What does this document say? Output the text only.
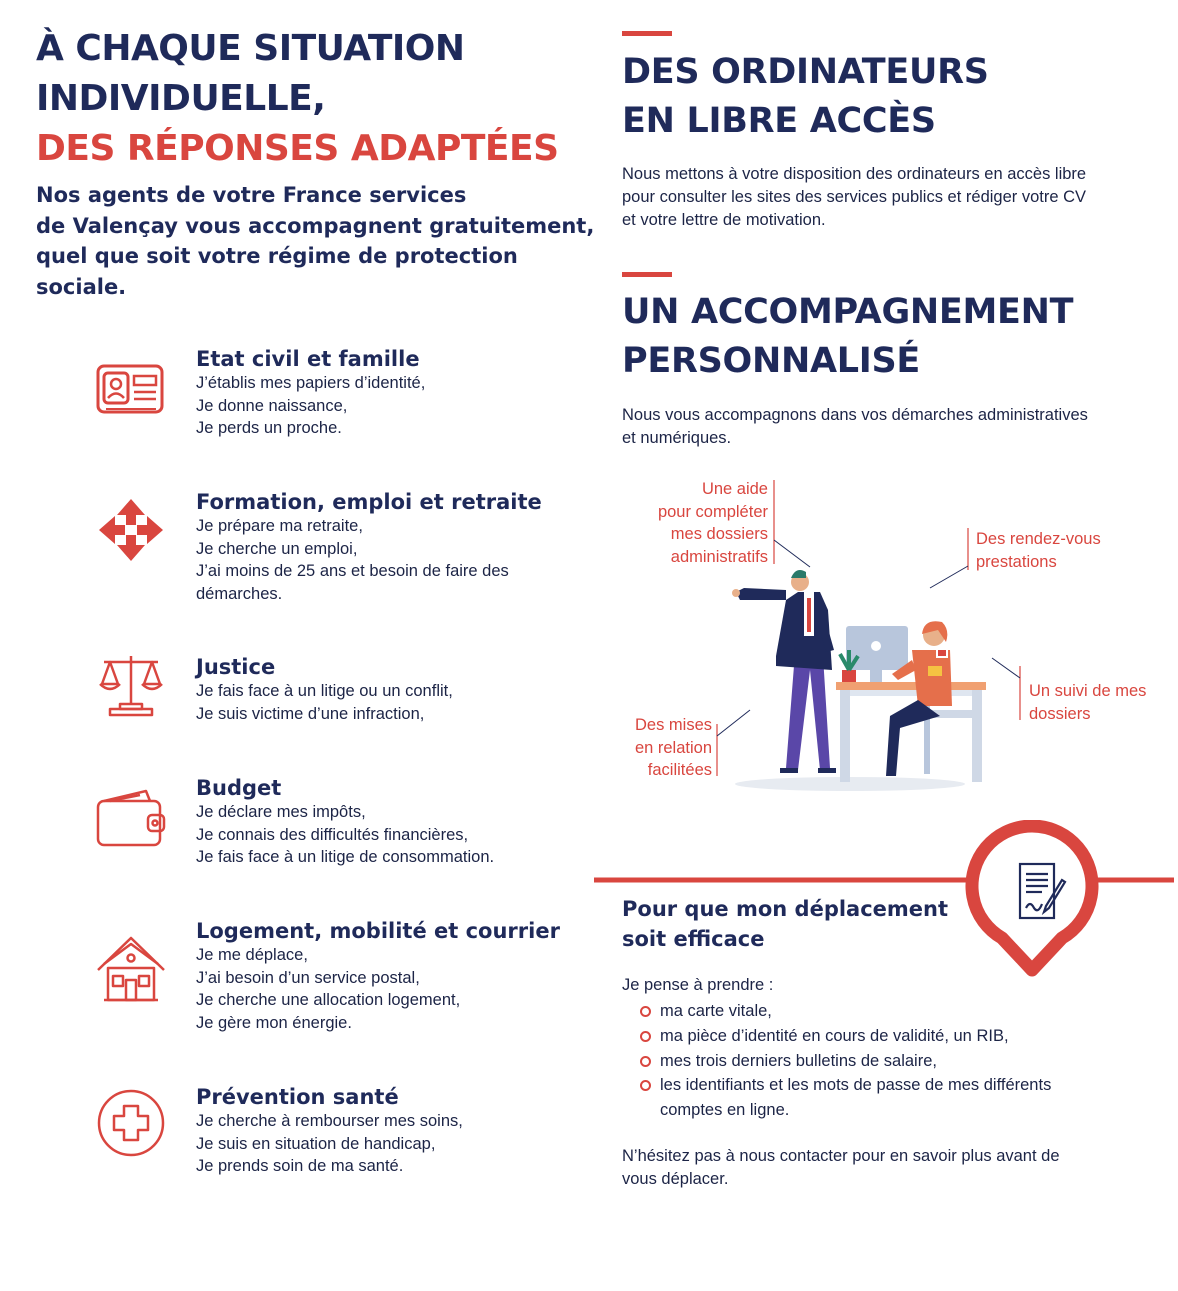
À CHAQUE SITUATION
INDIVIDUELLE,
DES RÉPONSES ADAPTÉES

Nos agents de votre France services
de Valençay vous accompagnent gratuitement,
quel que soit votre régime de protection
sociale.

Etat civil et famille
J’établis mes papiers d’identité,
Je donne naissance,
Je perds un proche.
Formation, emploi et retraite
Je prépare ma retraite,
Je cherche un emploi,
J’ai moins de 25 ans et besoin de faire des
démarches.
Justice
Je fais face à un litige ou un conflit,
Je suis victime d’une infraction,
Budget
Je déclare mes impôts,
Je connais des difficultés financières,
Je fais face à un litige de consommation.
Logement, mobilité et courrier
Je me déplace,
J’ai besoin d’un service postal,
Je cherche une allocation logement,
Je gère mon énergie.
Prévention santé
Je cherche à rembourser mes soins,
Je suis en situation de handicap,
Je prends soin de ma santé.
DES ORDINATEURS
EN LIBRE ACCÈS

Nous mettons à votre disposition des ordinateurs en accès libre
pour consulter les sites des services publics et rédiger votre CV
et votre lettre de motivation.

UN ACCOMPAGNEMENT
PERSONNALISÉ

Nous vous accompagnons dans vos démarches administratives
et numériques.

Une aide
pour compléter
mes dossiers
administratifs
Des rendez-vous
prestations
Un suivi de mes
dossiers
Des mises
en relation
facilitées
Pour que mon déplacement
soit efficace
Je pense à prendre :
ma carte vitale,
ma pièce d’identité en cours de validité, un RIB,
mes trois derniers bulletins de salaire,
les identifiants et les mots de passe de mes différents
comptes en ligne.

N’hésitez pas à nous contacter pour en savoir plus avant de
vous déplacer.
